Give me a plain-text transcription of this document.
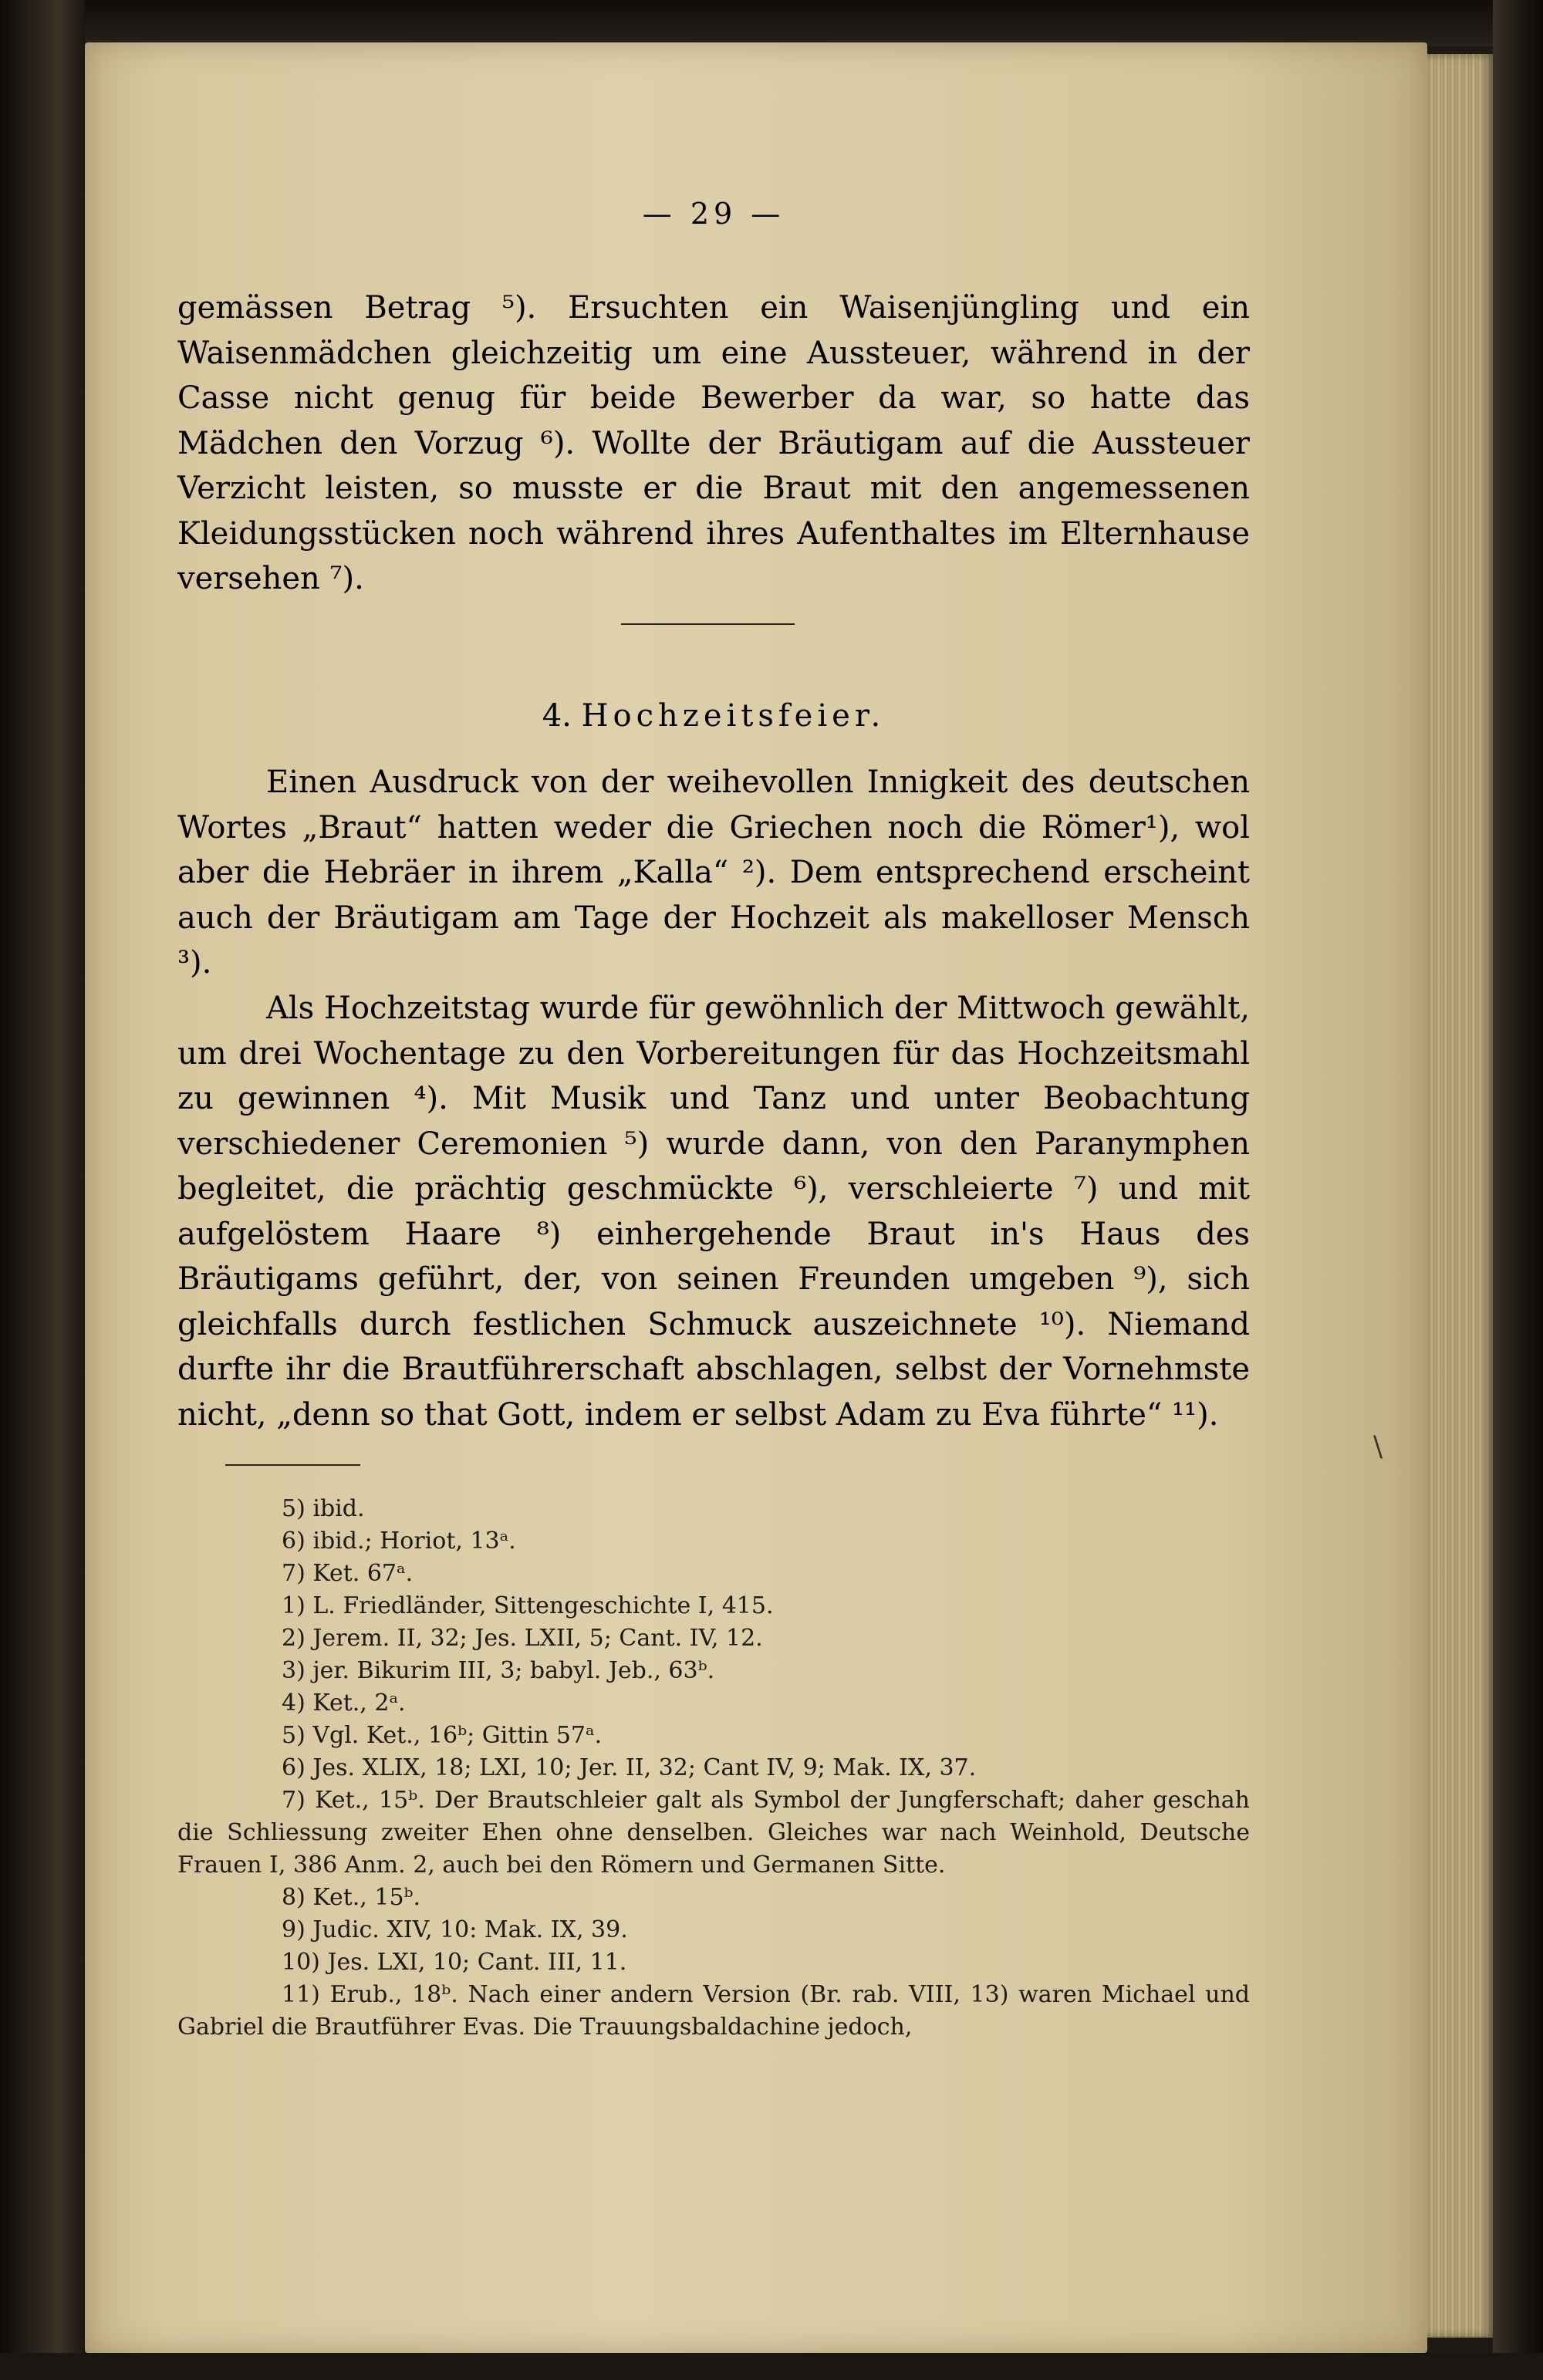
— 29 —

gemässen Betrag ⁵). Ersuchten ein Waisenjüngling und ein Waisenmädchen gleichzeitig um eine Aussteuer, während in der Casse nicht genug für beide Bewerber da war, so hatte das Mädchen den Vorzug ⁶). Wollte der Bräutigam auf die Aussteuer Verzicht leisten, so musste er die Braut mit den angemessenen Kleidungsstücken noch während ihres Aufenthaltes im Elternhause versehen ⁷).

4. Hochzeitsfeier.

Einen Ausdruck von der weihevollen Innigkeit des deutschen Wortes „Braut“ hatten weder die Griechen noch die Römer¹), wol aber die Hebräer in ihrem „Kalla“ ²). Dem entsprechend erscheint auch der Bräutigam am Tage der Hochzeit als makelloser Mensch ³).

Als Hochzeitstag wurde für gewöhnlich der Mittwoch gewählt, um drei Wochentage zu den Vorbereitungen für das Hochzeitsmahl zu gewinnen ⁴). Mit Musik und Tanz und unter Beobachtung verschiedener Ceremonien ⁵) wurde dann, von den Paranymphen begleitet, die prächtig geschmückte ⁶), verschleierte ⁷) und mit aufgelöstem Haare ⁸) einhergehende Braut in's Haus des Bräutigams geführt, der, von seinen Freunden umgeben ⁹), sich gleichfalls durch festlichen Schmuck auszeichnete ¹⁰). Niemand durfte ihr die Brautführerschaft abschlagen, selbst der Vornehmste nicht, „denn so that Gott, indem er selbst Adam zu Eva führte“ ¹¹).

\
5) ibid.
6) ibid.; Horiot, 13ᵃ.
7) Ket. 67ᵃ.
1) L. Friedländer, Sittengeschichte I, 415.
2) Jerem. II, 32; Jes. LXII, 5; Cant. IV, 12.
3) jer. Bikurim III, 3; babyl. Jeb., 63ᵇ.
4) Ket., 2ᵃ.
5) Vgl. Ket., 16ᵇ; Gittin 57ᵃ.
6) Jes. XLIX, 18; LXI, 10; Jer. II, 32; Cant IV, 9; Mak. IX, 37.
7) Ket., 15ᵇ. Der Brautschleier galt als Symbol der Jungferschaft; daher geschah die Schliessung zweiter Ehen ohne denselben. Gleiches war nach Weinhold, Deutsche Frauen I, 386 Anm. 2, auch bei den Römern und Germanen Sitte.
8) Ket., 15ᵇ.
9) Judic. XIV, 10: Mak. IX, 39.
10) Jes. LXI, 10; Cant. III, 11.
11) Erub., 18ᵇ. Nach einer andern Version (Br. rab. VIII, 13) waren Michael und Gabriel die Brautführer Evas. Die Trauungsbaldachine jedoch,
